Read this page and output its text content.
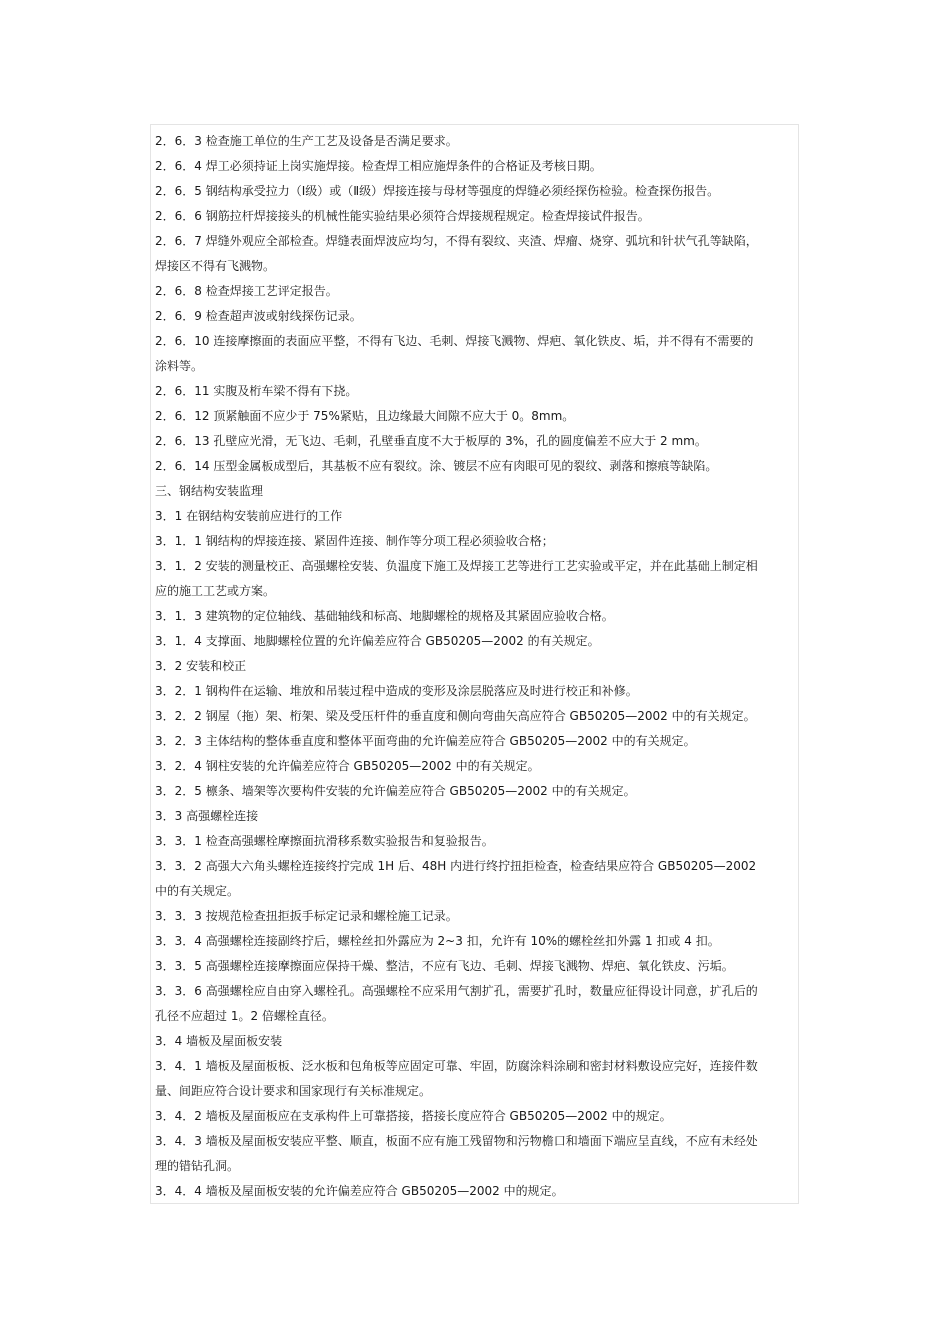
2．6．3 检查施工单位的生产工艺及设备是否满足要求。
2．6．4 焊工必须持证上岗实施焊接。检查焊工相应施焊条件的合格证及考核日期。
2．6．5 钢结构承受拉力（Ⅰ级）或（Ⅱ级）焊接连接与母材等强度的焊缝必须经探伤检验。检查探伤报告。
2．6．6 钢筋拉杆焊接接头的机械性能实验结果必须符合焊接规程规定。检查焊接试件报告。
2．6．7 焊缝外观应全部检查。焊缝表面焊波应均匀，不得有裂纹、夹渣、焊瘤、烧穿、弧坑和针状气孔等缺陷，
焊接区不得有飞溅物。
2．6．8 检查焊接工艺评定报告。
2．6．9 检查超声波或射线探伤记录。
2．6．10 连接摩擦面的表面应平整，不得有飞边、毛刺、焊接飞溅物、焊疤、氧化铁皮、垢，并不得有不需要的
涂料等。
2．6．11 实腹及桁车梁不得有下挠。
2．6．12 顶紧触面不应少于 75%紧贴，且边缘最大间隙不应大于 0。8mm。
2．6．13 孔壁应光滑，无飞边、毛刺，孔壁垂直度不大于板厚的 3%，孔的圆度偏差不应大于 2 mm。
2．6．14 压型金属板成型后，其基板不应有裂纹。涂、镀层不应有肉眼可见的裂纹、剥落和擦痕等缺陷。
三、钢结构安装监理
3．1 在钢结构安装前应进行的工作
3．1．1 钢结构的焊接连接、紧固件连接、制作等分项工程必须验收合格；
3．1．2 安装的测量校正、高强螺栓安装、负温度下施工及焊接工艺等进行工艺实验或平定，并在此基础上制定相
应的施工工艺或方案。
3．1．3 建筑物的定位轴线、基础轴线和标高、地脚螺栓的规格及其紧固应验收合格。
3．1．4 支撑面、地脚螺栓位置的允许偏差应符合 GB50205—2002 的有关规定。
3．2 安装和校正
3．2．1 钢构件在运输、堆放和吊装过程中造成的变形及涂层脱落应及时进行校正和补修。
3．2．2 钢屋（拖）架、桁架、梁及受压杆件的垂直度和侧向弯曲矢高应符合 GB50205—2002 中的有关规定。
3．2．3 主体结构的整体垂直度和整体平面弯曲的允许偏差应符合 GB50205—2002 中的有关规定。
3．2．4 钢柱安装的允许偏差应符合 GB50205—2002 中的有关规定。
3．2．5 檩条、墙架等次要构件安装的允许偏差应符合 GB50205—2002 中的有关规定。
3．3 高强螺栓连接
3．3．1 检查高强螺栓摩擦面抗滑移系数实验报告和复验报告。
3．3．2 高强大六角头螺栓连接终拧完成 1H 后、48H 内进行终拧扭拒检查，检查结果应符合 GB50205—2002
中的有关规定。
3．3．3 按规范检查扭拒扳手标定记录和螺栓施工记录。
3．3．4 高强螺栓连接副终拧后，螺栓丝扣外露应为 2~3 扣，允许有 10%的螺栓丝扣外露 1 扣或 4 扣。
3．3．5 高强螺栓连接摩擦面应保持干燥、整洁，不应有飞边、毛刺、焊接飞溅物、焊疤、氧化铁皮、污垢。
3．3．6 高强螺栓应自由穿入螺栓孔。高强螺栓不应采用气割扩孔，需要扩孔时，数量应征得设计同意，扩孔后的
孔径不应超过 1。2 倍螺栓直径。
3．4 墙板及屋面板安装
3．4．1 墙板及屋面板板、泛水板和包角板等应固定可靠、牢固，防腐涂料涂刷和密封材料敷设应完好，连接件数
量、间距应符合设计要求和国家现行有关标准规定。
3．4．2 墙板及屋面板应在支承构件上可靠搭接，搭接长度应符合 GB50205—2002 中的规定。
3．4．3 墙板及屋面板安装应平整、顺直，板面不应有施工残留物和污物檐口和墙面下端应呈直线，不应有未经处
理的错钻孔洞。
3．4．4 墙板及屋面板安装的允许偏差应符合 GB50205—2002 中的规定。
